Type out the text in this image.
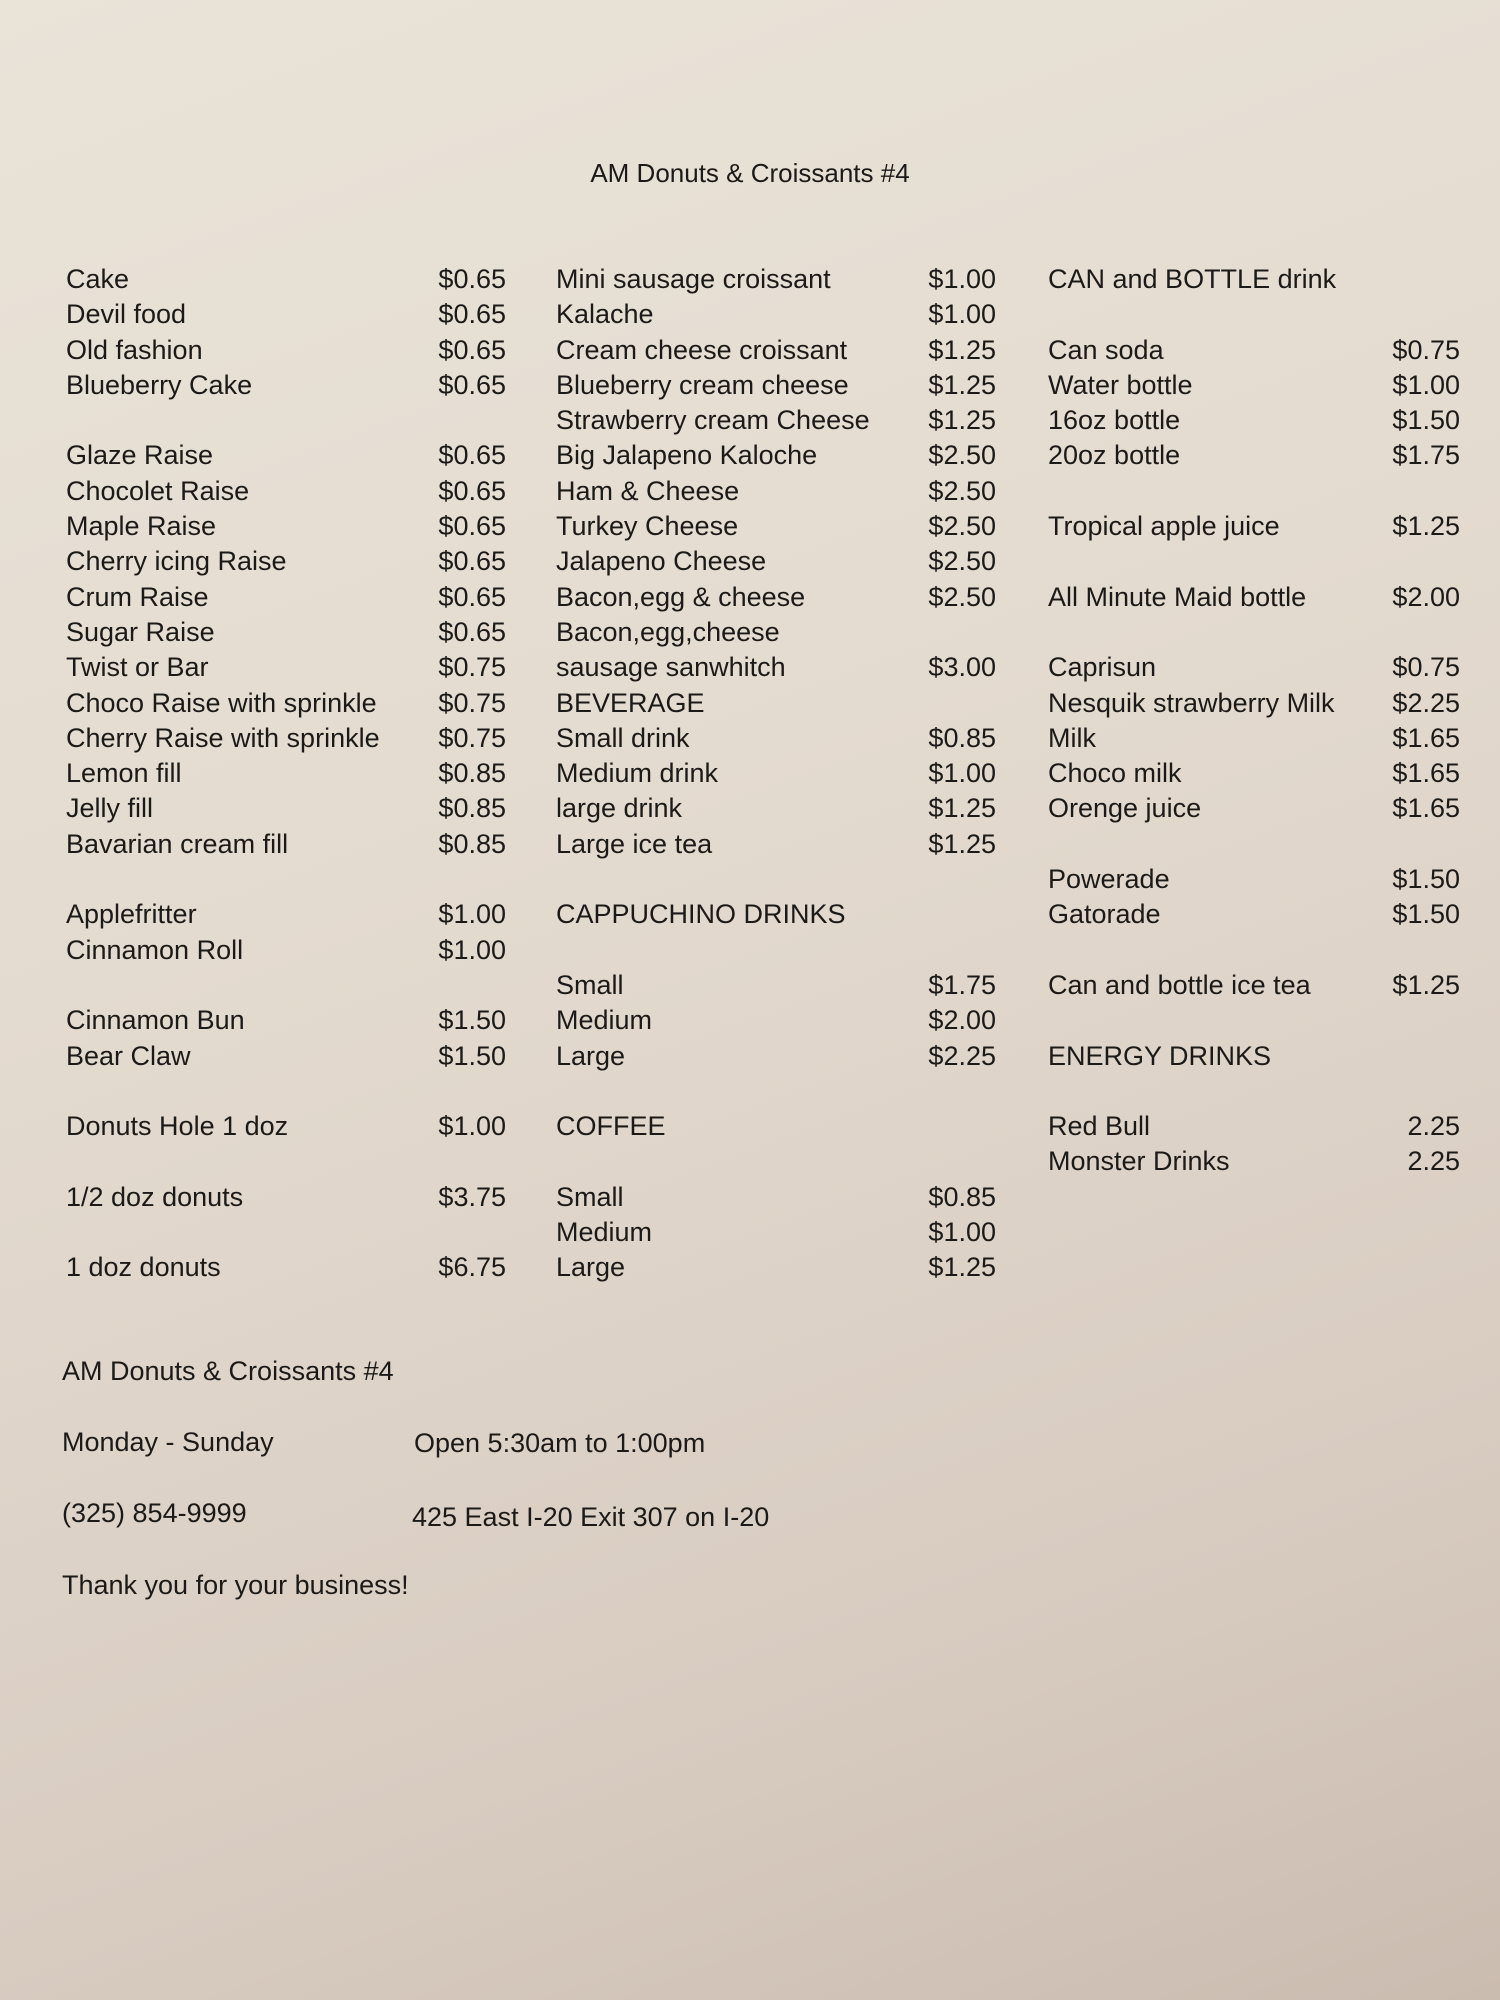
AM Donuts & Croissants #4
Cake	$0.65
Devil food	$0.65
Old fashion	$0.65
Blueberry Cake	$0.65
Glaze Raise	$0.65
Chocolet Raise	$0.65
Maple Raise	$0.65
Cherry icing Raise	$0.65
Crum Raise	$0.65
Sugar Raise	$0.65
Twist or Bar	$0.75
Choco Raise with sprinkle $0.75
Cherry Raise with sprinkle $0.75
Lemon fill	$0.85
Jelly fill	$0.85
Bavarian cream fill	$0.85
Applefritter	$1.00
Cinnamon Roll	$1.00
Cinnamon Bun	$1.50
Bear Claw	$1.50
Donuts Hole 1 doz	$1.00
1/2 doz donuts	$3.75
1 doz donuts	$6.75
Mini sausage croissant	$1.00
Kalache	$1.00
Cream cheese croissant	$1.25
Blueberry cream cheese	$1.25
Strawberry cream Cheese $1.25
Big Jalapeno Kaloche	$2.50
Ham & Cheese	$2.50
Turkey Cheese	$2.50
Jalapeno Cheese	$2.50
Bacon,egg & cheese	$2.50
Bacon,egg,cheese
sausage sanwhitch	$3.00
BEVERAGE
Small drink	$0.85
Medium drink	$1.00
large drink	$1.25
Large ice tea	$1.25
CAPPUCHINO DRINKS
Small	$1.75
Medium	$2.00
Large	$2.25
COFFEE
Small	$0.85
Medium	$1.00
Large	$1.25
CAN and BOTTLE drink
Can soda	$0.75
Water bottle	$1.00
16oz bottle	$1.50
20oz bottle	$1.75
Tropical apple juice	$1.25
All Minute Maid bottle	$2.00
Caprisun	$0.75
Nesquik strawberry Milk $2.25
Milk	$1.65
Choco milk	$1.65
Orenge juice	$1.65
Powerade	$1.50
Gatorade	$1.50
Can and bottle ice tea	$1.25
ENERGY DRINKS
Red Bull	2.25
Monster Drinks	2.25
AM Donuts & Croissants #4
Monday - Sunday	Open 5:30am to 1:00pm
(325) 854-9999	425 East I-20 Exit 307 on I-20
Thank you for your business!
